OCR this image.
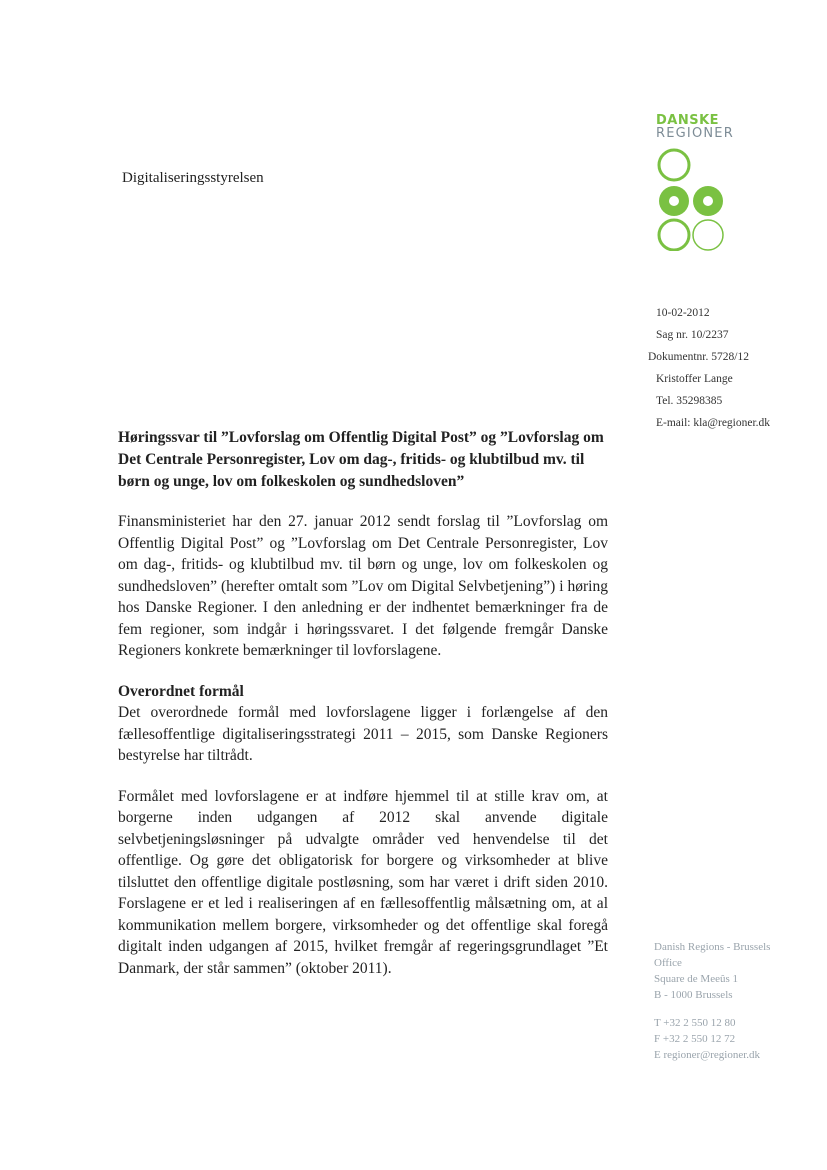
Digitaliseringsstyrelsen
DANSKE
REGIONER
10-02-2012
Sag nr. 10/2237
Dokumentnr. 5728/12
Kristoffer Lange
Tel. 35298385
E-mail: kla@regioner.dk
Høringssvar til ”Lovforslag om Offentlig Digital Post” og ”Lovforslag om Det Centrale Personregister, Lov om dag-, fritids- og klubtilbud mv. til børn og unge, lov om folkeskolen og sundhedsloven”

Finansministeriet har den 27. januar 2012 sendt forslag til ”Lovforslag om Offentlig Digital Post” og ”Lovforslag om Det Centrale Personregister, Lov om dag-, fritids- og klubtilbud mv. til børn og unge, lov om folkeskolen og sundhedsloven” (herefter omtalt som ”Lov om Digital Selvbetjening”) i høring hos Danske Regioner. I den anledning er der indhentet bemærkninger fra de fem regioner, som indgår i høringssvaret. I det følgende fremgår Danske Regioners konkrete bemærkninger til lovforslagene.

Overordnet formål

Det overordnede formål med lovforslagene ligger i forlængelse af den fællesoffentlige digitaliseringsstrategi 2011 – 2015, som Danske Regioners bestyrelse har tiltrådt.

Formålet med lovforslagene er at indføre hjemmel til at stille krav om, at borgerne inden udgangen af 2012 skal anvende digitale selvbetjeningsløsninger på udvalgte områder ved henvendelse til det offentlige. Og gøre det obligatorisk for borgere og virksomheder at blive tilsluttet den offentlige digitale postløsning, som har været i drift siden 2010. Forslagene er et led i realiseringen af en fællesoffentlig målsætning om, at al kommunikation mellem borgere, virksomheder og det offentlige skal foregå digitalt inden udgangen af 2015, hvilket fremgår af regeringsgrundlaget ”Et Danmark, der står sammen” (oktober 2011).

Danish Regions - Brussels
Office
Square de Meeûs 1
B - 1000 Brussels
T +32 2 550 12 80
F +32 2 550 12 72
E regioner@regioner.dk
